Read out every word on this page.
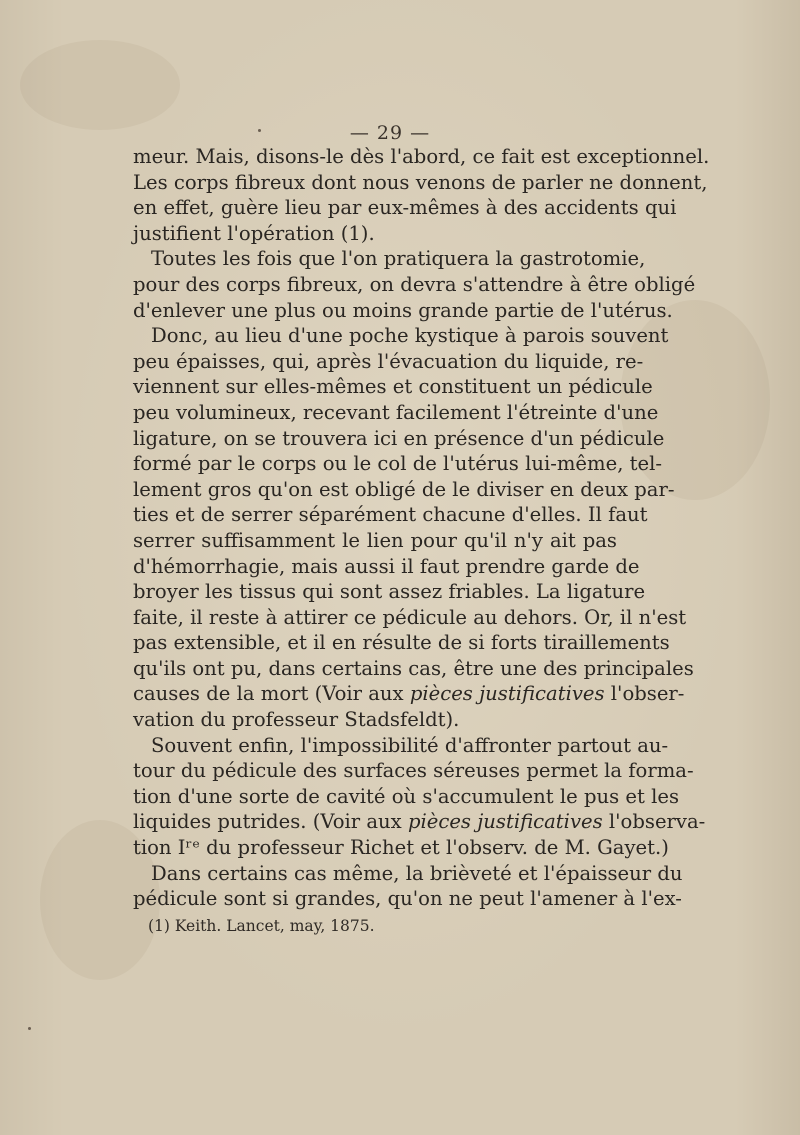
— 29 —
meur. Mais, disons-le dès l'abord, ce fait est exceptionnel.
Les corps fibreux dont nous venons de parler ne donnent,
en effet, guère lieu par eux-mêmes à des accidents qui
justifient l'opération (1).
Toutes les fois que l'on pratiquera la gastrotomie,
pour des corps fibreux, on devra s'attendre à être obligé
d'enlever une plus ou moins grande partie de l'utérus.
Donc, au lieu d'une poche kystique à parois souvent
peu épaisses, qui, après l'évacuation du liquide, re-
viennent sur elles-mêmes et constituent un pédicule
peu volumineux, recevant facilement l'étreinte d'une
ligature, on se trouvera ici en présence d'un pédicule
formé par le corps ou le col de l'utérus lui-même, tel-
lement gros qu'on est obligé de le diviser en deux par-
ties et de serrer séparément chacune d'elles. Il faut
serrer suffisamment le lien pour qu'il n'y ait pas
d'hémorrhagie, mais aussi il faut prendre garde de
broyer les tissus qui sont assez friables. La ligature
faite, il reste à attirer ce pédicule au dehors. Or, il n'est
pas extensible, et il en résulte de si forts tiraillements
qu'ils ont pu, dans certains cas, être une des principales
causes de la mort (Voir aux pièces justificatives l'obser-
vation du professeur Stadsfeldt).
Souvent enfin, l'impossibilité d'affronter partout au-
tour du pédicule des surfaces séreuses permet la forma-
tion d'une sorte de cavité où s'accumulent le pus et les
liquides putrides. (Voir aux pièces justificatives l'observa-
tion Iʳᵉ du professeur Richet et l'observ. de M. Gayet.)
Dans certains cas même, la brièveté et l'épaisseur du
pédicule sont si grandes, qu'on ne peut l'amener à l'ex-
(1) Keith. Lancet, may, 1875.
